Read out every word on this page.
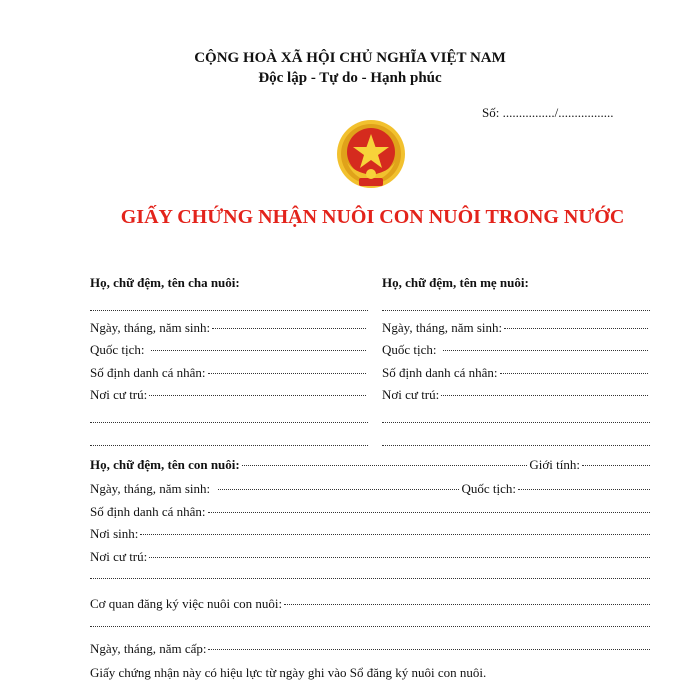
CỘNG HOÀ XÃ HỘI CHỦ NGHĨA VIỆT NAM
Độc lập - Tự do - Hạnh phúc
Số: ................/.................
GIẤY CHỨNG NHẬN NUÔI CON NUÔI TRONG NƯỚC
Họ, chữ đệm, tên cha nuôi:
Ngày, tháng, năm sinh:
Quốc tịch:
Số định danh cá nhân:
Nơi cư trú:
Họ, chữ đệm, tên mẹ nuôi:
Ngày, tháng, năm sinh:
Quốc tịch:
Số định danh cá nhân:
Nơi cư trú:
Họ, chữ đệm, tên con nuôi:	Giới tính:
Ngày, tháng, năm sinh:	Quốc tịch:
Số định danh cá nhân:
Nơi sinh:
Nơi cư trú:
Cơ quan đăng ký việc nuôi con nuôi:
Ngày, tháng, năm cấp:
Giấy chứng nhận này có hiệu lực từ ngày ghi vào Sổ đăng ký nuôi con nuôi.
